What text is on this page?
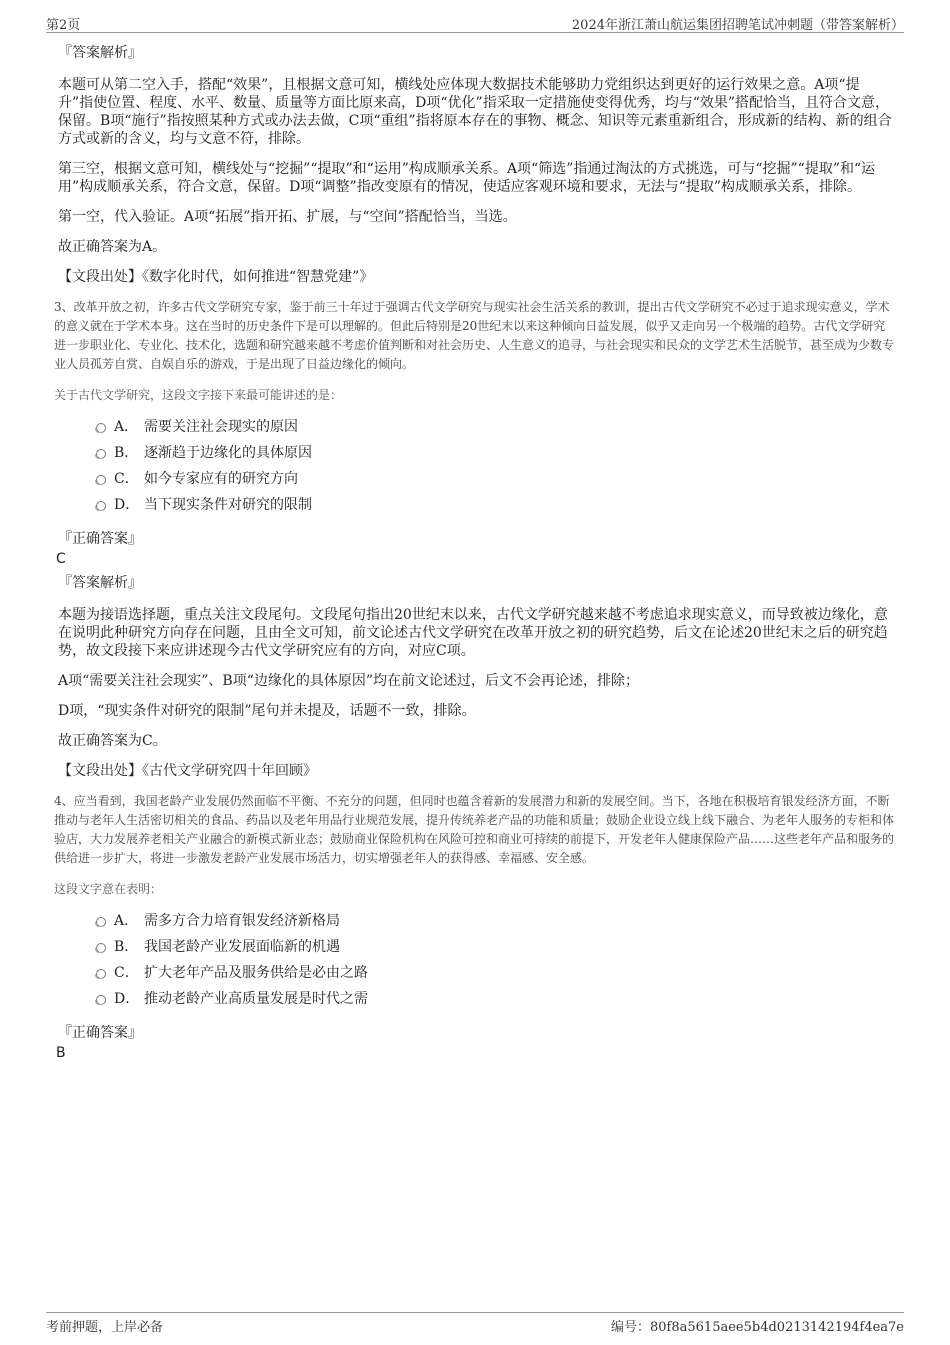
第2页	2024年浙江萧山航运集团招聘笔试冲刺题（带答案解析）
『答案解析』
本题可从第二空入手，搭配“效果”，且根据文意可知，横线处应体现大数据技术能够助力党组织达到更好的运行效果之意。A项“提升”指使位置、程度、水平、数量、质量等方面比原来高，D项“优化”指采取一定措施使变得优秀，均与“效果”搭配恰当，且符合文意，保留。B项“施行”指按照某种方式或办法去做，C项“重组”指将原本存在的事物、概念、知识等元素重新组合，形成新的结构、新的组合方式或新的含义，均与文意不符，排除。
第三空，根据文意可知，横线处与“挖掘”“提取”和“运用”构成顺承关系。A项“筛选”指通过淘汰的方式挑选，可与“挖掘”“提取”和“运用”构成顺承关系，符合文意，保留。D项“调整”指改变原有的情况，使适应客观环境和要求，无法与“提取”构成顺承关系，排除。
第一空，代入验证。A项“拓展”指开拓、扩展，与“空间”搭配恰当，当选。
故正确答案为A。
【文段出处】《数字化时代，如何推进“智慧党建”》
3、改革开放之初，许多古代文学研究专家，鉴于前三十年过于强调古代文学研究与现实社会生活关系的教训，提出古代文学研究不必过于追求现实意义，学术的意义就在于学术本身。这在当时的历史条件下是可以理解的。但此后特别是20世纪末以来这种倾向日益发展，似乎又走向另一个极端的趋势。古代文学研究进一步职业化、专业化、技术化，选题和研究越来越不考虑价值判断和对社会历史、人生意义的追寻，与社会现实和民众的文学艺术生活脱节，甚至成为少数专业人员孤芳自赏、自娱自乐的游戏，于是出现了日益边缘化的倾向。
关于古代文学研究，这段文字接下来最可能讲述的是：
A． 需要关注社会现实的原因
B． 逐渐趋于边缘化的具体原因
C． 如今专家应有的研究方向
D． 当下现实条件对研究的限制
『正确答案』
C
『答案解析』
本题为接语选择题，重点关注文段尾句。文段尾句指出20世纪末以来，古代文学研究越来越不考虑追求现实意义，而导致被边缘化，意在说明此种研究方向存在问题，且由全文可知，前文论述古代文学研究在改革开放之初的研究趋势，后文在论述20世纪末之后的研究趋势，故文段接下来应讲述现今古代文学研究应有的方向，对应C项。
A项“需要关注社会现实”、B项“边缘化的具体原因”均在前文论述过，后文不会再论述，排除；
D项，“现实条件对研究的限制”尾句并未提及，话题不一致，排除。
故正确答案为C。
【文段出处】《古代文学研究四十年回顾》
4、应当看到，我国老龄产业发展仍然面临不平衡、不充分的问题，但同时也蕴含着新的发展潜力和新的发展空间。当下，各地在积极培育银发经济方面，不断推动与老年人生活密切相关的食品、药品以及老年用品行业规范发展，提升传统养老产品的功能和质量；鼓励企业设立线上线下融合、为老年人服务的专柜和体验店，大力发展养老相关产业融合的新模式新业态；鼓励商业保险机构在风险可控和商业可持续的前提下，开发老年人健康保险产品……这些老年产品和服务的供给进一步扩大，将进一步激发老龄产业发展市场活力，切实增强老年人的获得感、幸福感、安全感。
这段文字意在表明：
A． 需多方合力培育银发经济新格局
B． 我国老龄产业发展面临新的机遇
C． 扩大老年产品及服务供给是必由之路
D． 推动老龄产业高质量发展是时代之需
『正确答案』
B
考前押题，上岸必备	编号：80f8a5615aee5b4d0213142194f4ea7e
